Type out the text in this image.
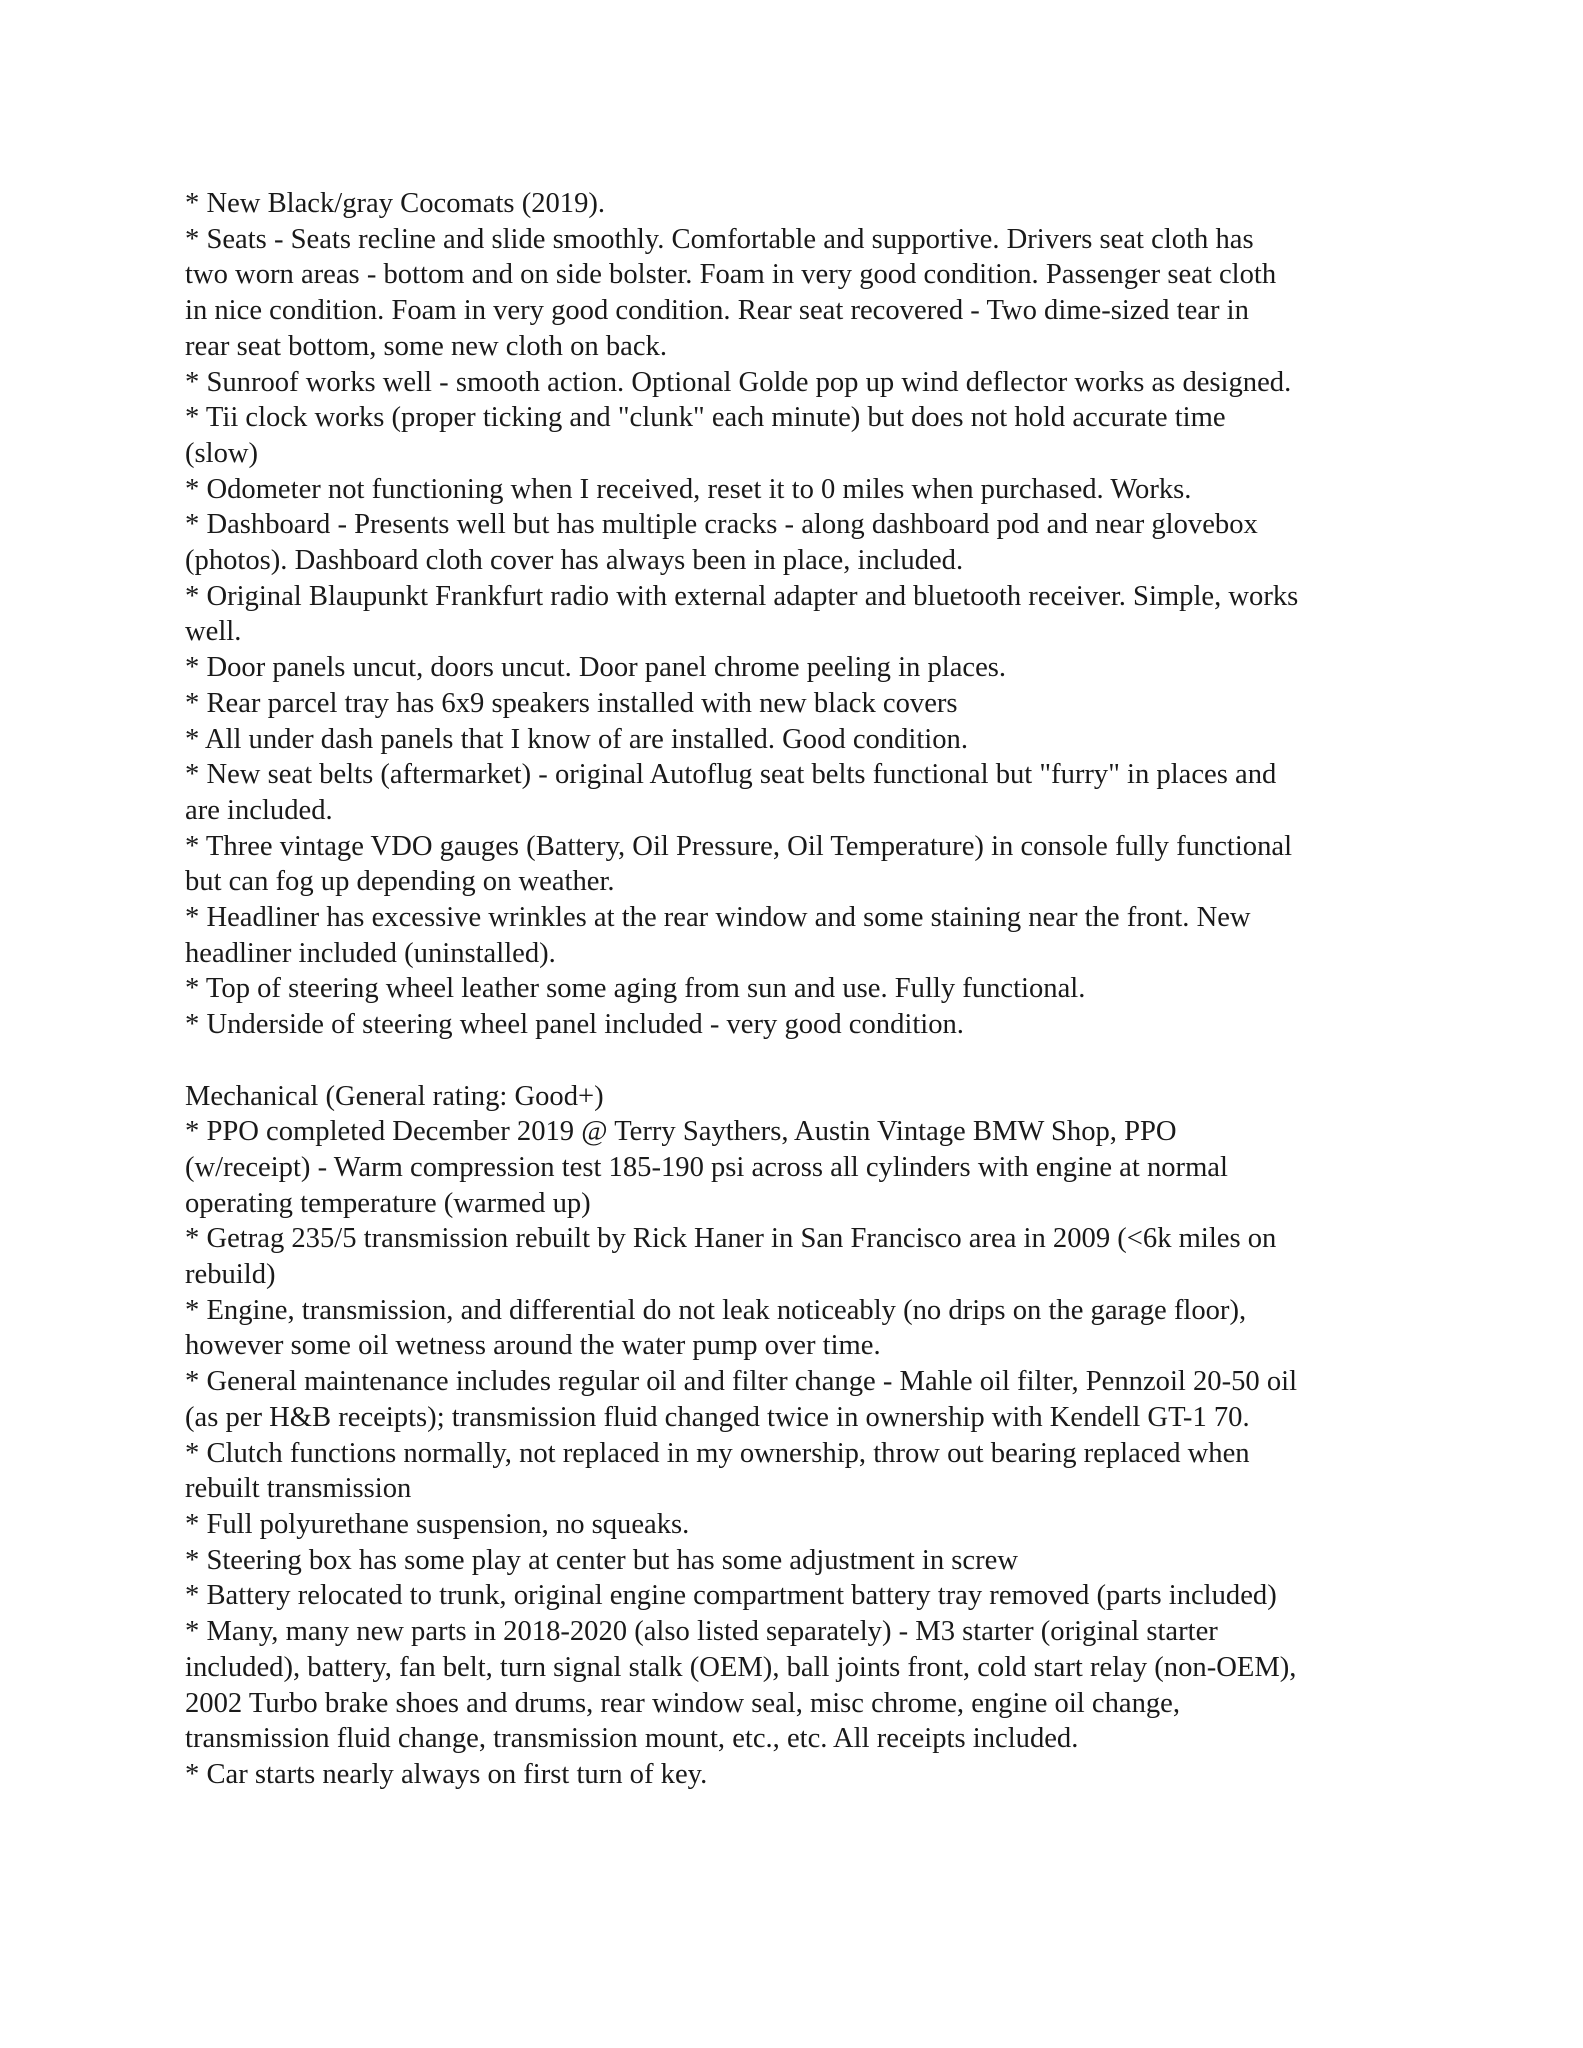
* New Black/gray Cocomats (2019).
* Seats - Seats recline and slide smoothly. Comfortable and supportive. Drivers seat cloth has
two worn areas - bottom and on side bolster. Foam in very good condition. Passenger seat cloth
in nice condition. Foam in very good condition. Rear seat recovered - Two dime-sized tear in
rear seat bottom, some new cloth on back.
* Sunroof works well - smooth action. Optional Golde pop up wind deflector works as designed.
* Tii clock works (proper ticking and "clunk" each minute) but does not hold accurate time
(slow)
* Odometer not functioning when I received, reset it to 0 miles when purchased. Works.
* Dashboard - Presents well but has multiple cracks - along dashboard pod and near glovebox
(photos). Dashboard cloth cover has always been in place, included.
* Original Blaupunkt Frankfurt radio with external adapter and bluetooth receiver. Simple, works
well.
* Door panels uncut, doors uncut. Door panel chrome peeling in places.
* Rear parcel tray has 6x9 speakers installed with new black covers
* All under dash panels that I know of are installed. Good condition.
* New seat belts (aftermarket) - original Autoflug seat belts functional but "furry" in places and
are included.
* Three vintage VDO gauges (Battery, Oil Pressure, Oil Temperature) in console fully functional
but can fog up depending on weather.
* Headliner has excessive wrinkles at the rear window and some staining near the front. New
headliner included (uninstalled).
* Top of steering wheel leather some aging from sun and use. Fully functional.
* Underside of steering wheel panel included - very good condition.
Mechanical (General rating: Good+)
* PPO completed December 2019 @ Terry Saythers, Austin Vintage BMW Shop, PPO
(w/receipt) - Warm compression test 185-190 psi across all cylinders with engine at normal
operating temperature (warmed up)
* Getrag 235/5 transmission rebuilt by Rick Haner in San Francisco area in 2009 (<6k miles on
rebuild)
* Engine, transmission, and differential do not leak noticeably (no drips on the garage floor),
however some oil wetness around the water pump over time.
* General maintenance includes regular oil and filter change - Mahle oil filter, Pennzoil 20-50 oil
(as per H&B receipts); transmission fluid changed twice in ownership with Kendell GT-1 70.
* Clutch functions normally, not replaced in my ownership, throw out bearing replaced when
rebuilt transmission
* Full polyurethane suspension, no squeaks.
* Steering box has some play at center but has some adjustment in screw
* Battery relocated to trunk, original engine compartment battery tray removed (parts included)
* Many, many new parts in 2018-2020 (also listed separately) - M3 starter (original starter
included), battery, fan belt, turn signal stalk (OEM), ball joints front, cold start relay (non-OEM),
2002 Turbo brake shoes and drums, rear window seal, misc chrome, engine oil change,
transmission fluid change, transmission mount, etc., etc. All receipts included.
* Car starts nearly always on first turn of key.
